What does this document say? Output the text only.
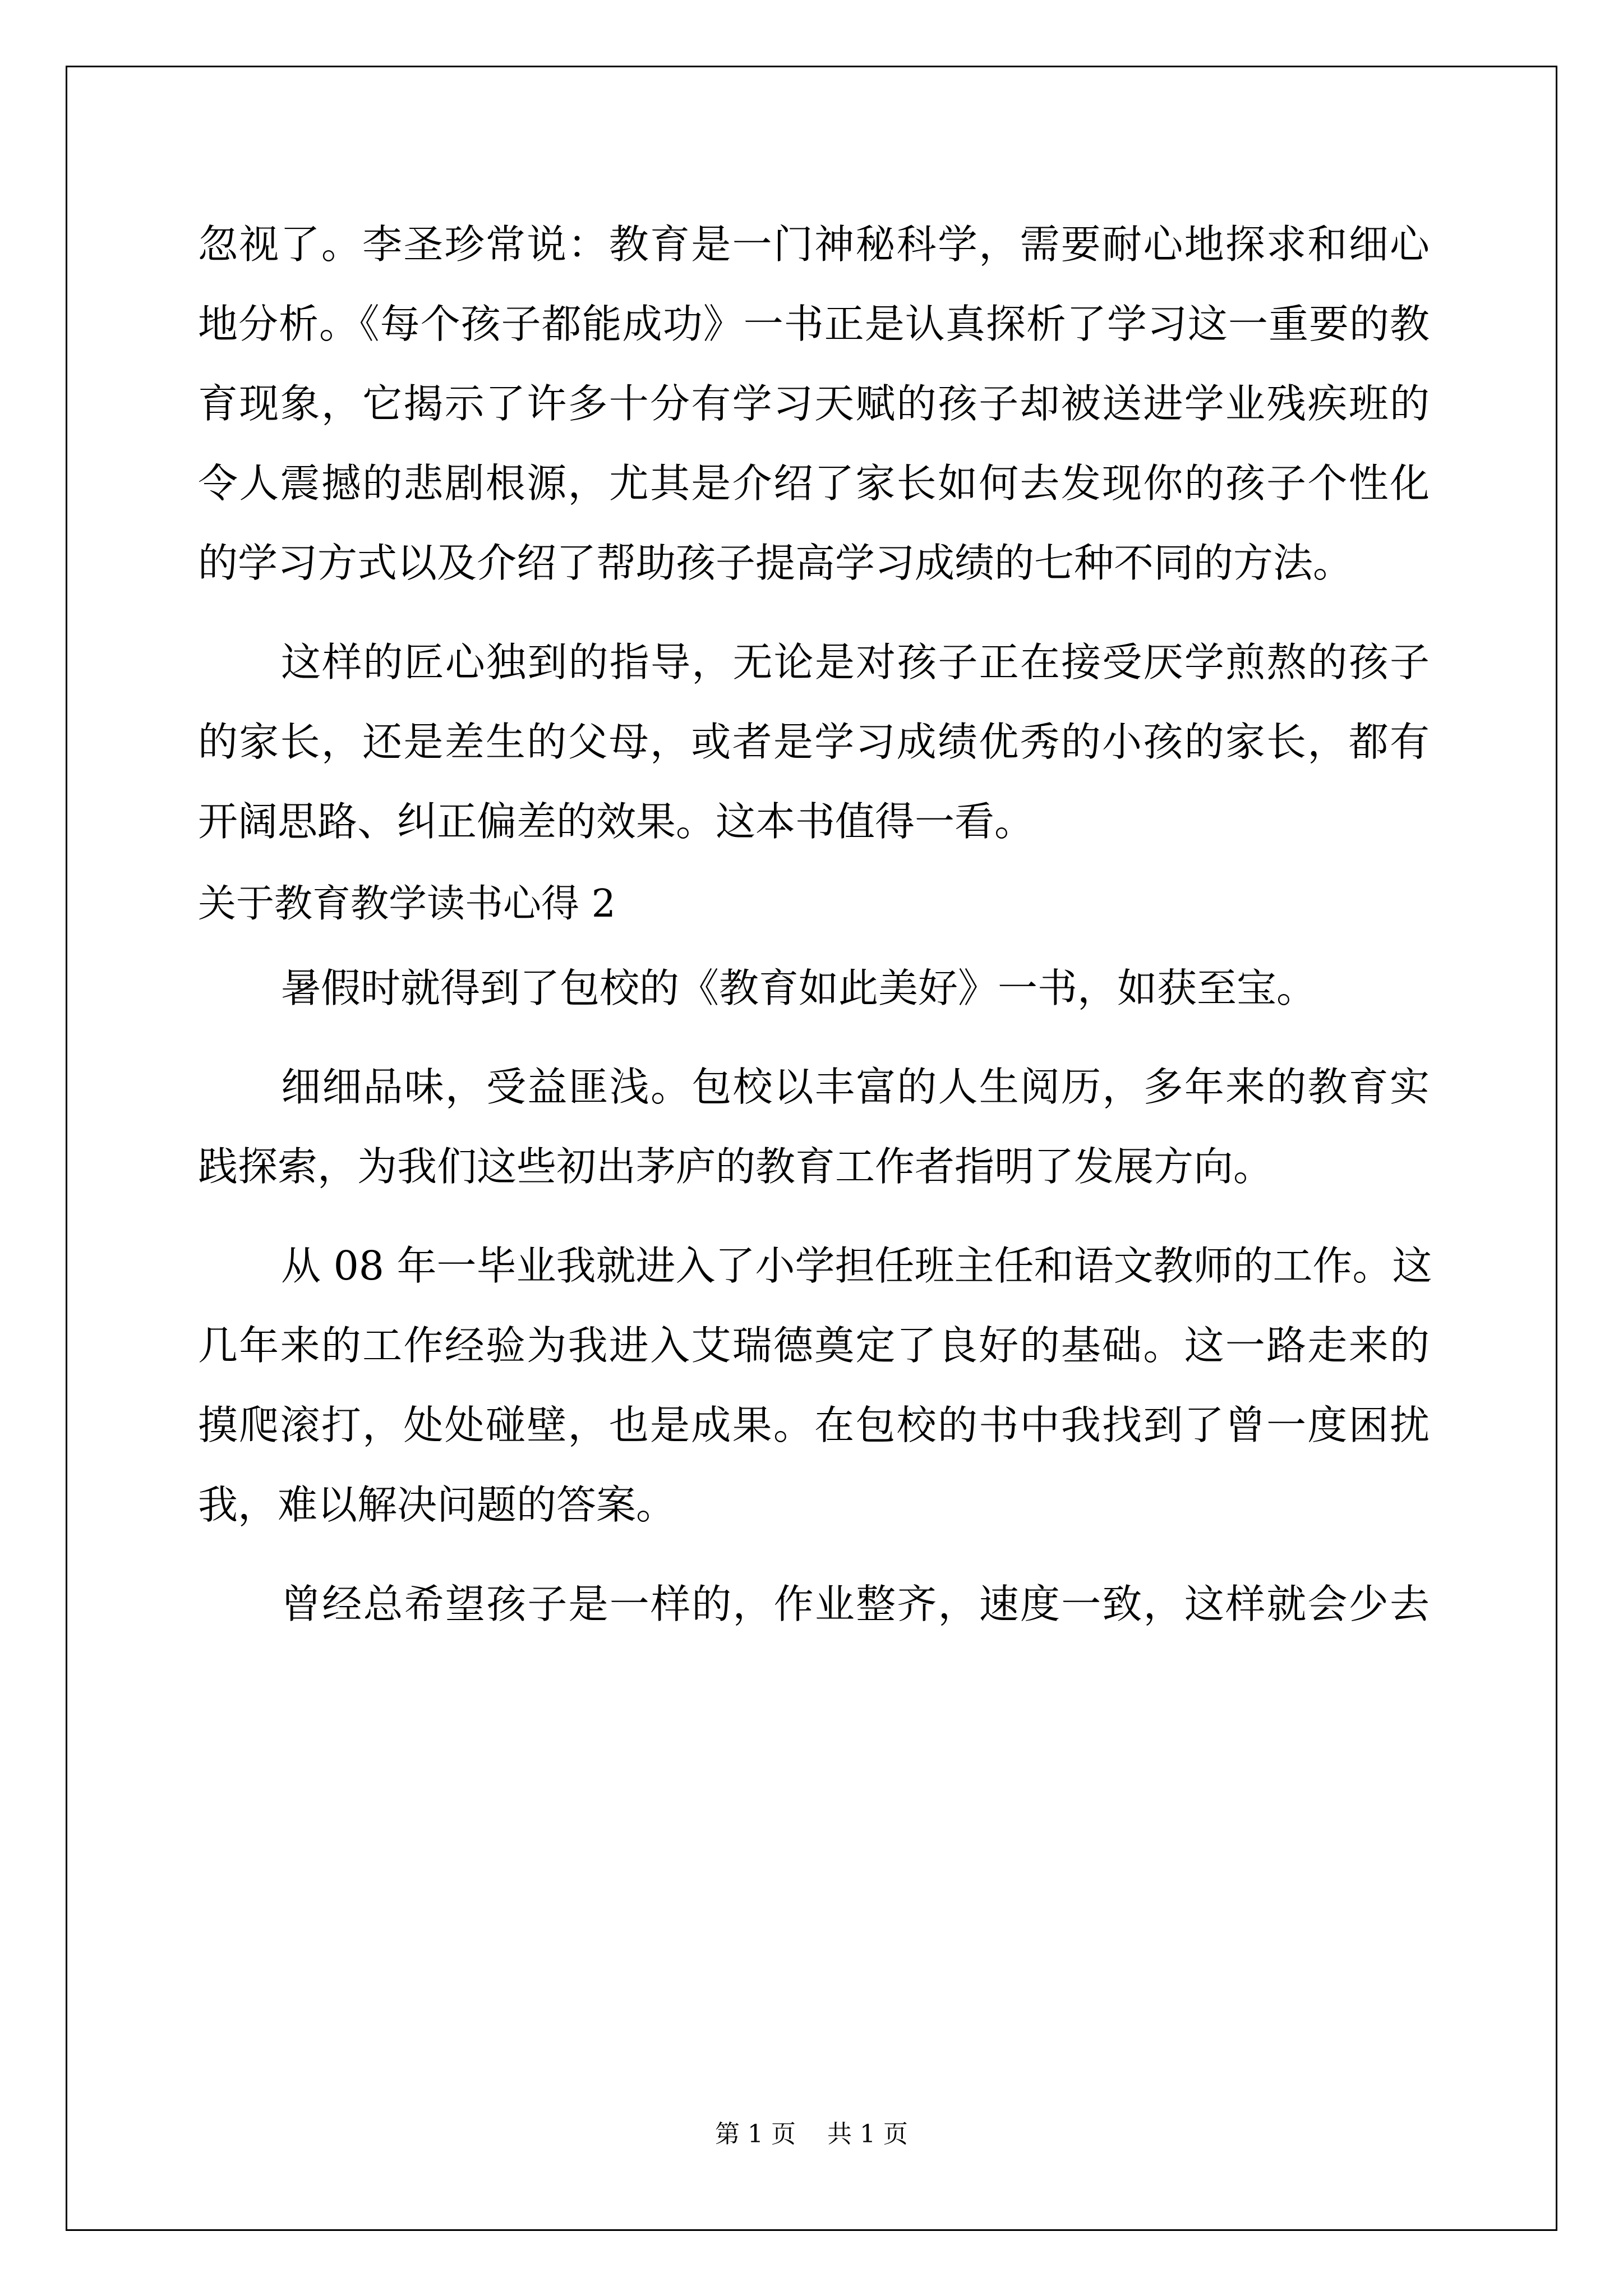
忽视了。李圣珍常说：教育是一门神秘科学，需要耐心地探求和细心
地分析。《每个孩子都能成功》一书正是认真探析了学习这一重要的教
育现象，它揭示了许多十分有学习天赋的孩子却被送进学业残疾班的
令人震撼的悲剧根源，尤其是介绍了家长如何去发现你的孩子个性化
的学习方式以及介绍了帮助孩子提高学习成绩的七种不同的方法。
这样的匠心独到的指导，无论是对孩子正在接受厌学煎熬的孩子
的家长，还是差生的父母，或者是学习成绩优秀的小孩的家长，都有
开阔思路、纠正偏差的效果。这本书值得一看。
关于教育教学读书心得 2
暑假时就得到了包校的《教育如此美好》一书，如获至宝。
细细品味，受益匪浅。包校以丰富的人生阅历，多年来的教育实
践探索，为我们这些初出茅庐的教育工作者指明了发展方向。
从 08 年一毕业我就进入了小学担任班主任和语文教师的工作。这
几年来的工作经验为我进入艾瑞德奠定了良好的基础。这一路走来的
摸爬滚打，处处碰壁，也是成果。在包校的书中我找到了曾一度困扰
我，难以解决问题的答案。
曾经总希望孩子是一样的，作业整齐，速度一致，这样就会少去
第 1 页    共 1 页
